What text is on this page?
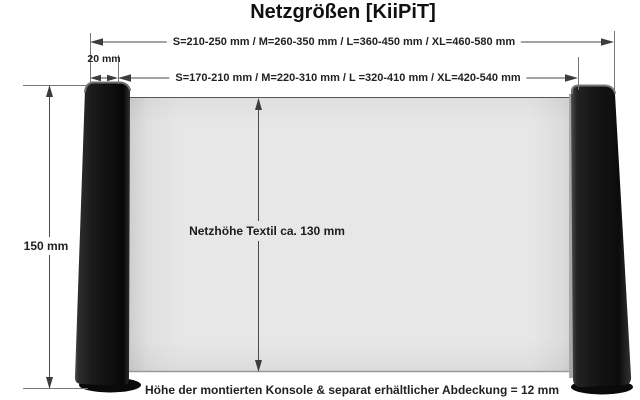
Netzgrößen [KiiPiT]
S=210-250 mm / M=260-350 mm / L=360-450 mm / XL=460-580 mm
S=170-210 mm / M=220-310 mm / L =320-410 mm / XL=420-540 mm
20 mm
150 mm
Netzhöhe Textil ca. 130 mm
Höhe der montierten Konsole & separat erhältlicher Abdeckung = 12 mm
